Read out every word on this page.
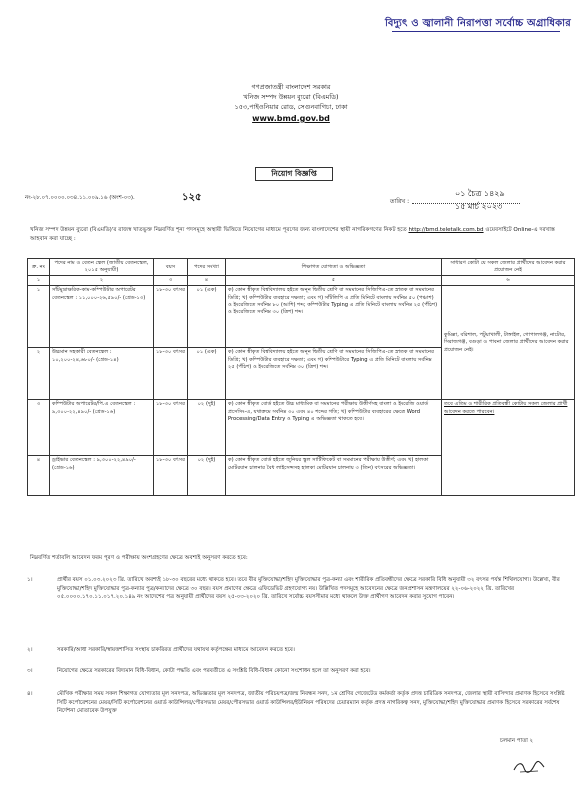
বিদ্যুৎ ও জ্বালানী নিরাপত্তা সর্বোচ্চ অগ্রাধিকার
গণপ্রজাতন্ত্রী বাংলাদেশ সরকার
খনিজ সম্পদ উন্নয়ন ব্যুরো (বিএমডি)
১৫৩,পাইওনিয়ার রোড, সেগুনবাগিচা, ঢাকা
www.bmd.gov.bd
নিয়োগ বিজ্ঞপ্তি
নং-২৮.০৭.০০০০.০৩৪.১১.০০৯.১৬ (অংশ-০৩).	১২৫	তারিখ :
০১ চৈত্র ১৪২৯
১৫ মার্চ ২০২৩
খনিজ সম্পদ উন্নয়ন ব্যুরো (বিএমডি)'র রাজস্ব খাতভুক্ত নিম্নবর্ণিত শূন্য পদসমূহে অস্থায়ী ভিত্তিতে নিয়োগের মাধ্যমে পূরণের জন্য বাংলাদেশের স্থায়ী নাগরিকগণের নিকট হতে http://bmd.teletalk.com.bd ওয়েবসাইটে Online-এ দরখাস্ত আহবান করা যাচ্ছে :
ক্র. নং	পদের নাম ও বেতন স্কেল (জাতীয় বেতনস্কেল, ২০১৫ অনুযায়ী)	বয়স	পদের সংখ্যা	শিক্ষাগত যোগ্যতা ও অভিজ্ঞতা	সাধারণ কোটা যে সকল জেলার প্রার্থীদের আবেদন করার প্রয়োজন নেই
১	২	৩	৪	৫	৬
১	সাঁটমুদ্রাক্ষরিক-কাম-কম্পিউটার অপারেটর বেতনস্কেল : ১১,০০০-২৬,৫৯০/- (গ্রেড-১৩)	১৮-৩০ বৎসর	০১ (এক)	ক) কোন স্বীকৃত বিশ্ববিদ্যালয় হইতে অনূন দ্বিতীয় শ্রেণি বা সমমানের সিজিপিএ-তে স্নাতক বা সমমানের ডিগ্রি; খ) কম্পিউটার ব্যবহারে দক্ষতা; এবং গ) সাঁটলিপি এ প্রতি মিনিটে বাংলায় সর্বনিম্ন ৫০ (পঞ্চাশ) ও ইংরেজিতে সর্বনিম্ন ৮০ (আশি) শব্দ; কম্পিউটার Typing এ প্রতি মিনিটে বাংলায় সর্বনিম্ন ২৫ (পঁচিশ) ও ইংরেজিতে সর্বনিম্ন ৩০ (ত্রিশ) শব্দ।	কুমিল্লা, বরিশাল, পটুয়াখালী, টাঙ্গাইল, গোপালগঞ্জ, নাটোর, সিরাজগঞ্জ, বগুড়া ও পাবনা জেলার প্রার্থীদের আবেদন করার প্রয়োজন নেই।
২	উচ্চমান সহকারী বেতনস্কেল : ১০,২০০-২৪,৬৮০/- (গ্রেড-১৪)	১৮-৩০ বৎসর	০১ (এক)	ক) কোন স্বীকৃত বিশ্ববিদ্যালয় হইতে অনূন দ্বিতীয় শ্রেণি বা সমমানের সিজিপিএ-তে স্নাতক বা সমমানের ডিগ্রি; খ) কম্পিউটার ব্যবহারে দক্ষতা; এবং গ) কম্পিউটারে Typing এ প্রতি মিনিটে বাংলায় সর্বনিম্ন ২৫ (পঁচিশ) ও ইংরেজিতে সর্বনিম্ন ৩০ (ত্রিশ) শব্দ।	
৩	কম্পিউটার অপারেটর/পি.এ বেতনস্কেল : ৯,৩০০-২২,৪৯০/- (গ্রেড-১৬)	১৮-৩০ বৎসর	০২ (দুই)	ক) কোন স্বীকৃত বোর্ড হইতে উচ্চ মাধ্যমিক বা সমমানের পরীক্ষায় উত্তীর্ণসহ বাংলা ও ইংরেজি ওয়ার্ড প্রসেসিং-এ, যথাক্রমে সর্বনিম্ন ৩০ এবং ৪০ শব্দের গতি; খ) কম্পিউটার ব্যবহারের ক্ষেত্রে Word Processing/Data Entry ও Typing এ অভিজ্ঞতা থাকতে হবে।	তবে এতিম ও শারীরিক প্রতিবন্ধী কোটায় সকল জেলার প্রার্থী আবেদন করতে পারবেন।
৪	ড্রাইভার বেতনস্কেল : ৯,৩০০-২২,৪৯০/- (গ্রেড-১৬)	১৮-৩০ বৎসর	০২ (দুই)	ক) কোন স্বীকৃত বোর্ড হইতে জুনিয়র স্কুল সার্টিফিকেট বা সমমানের পরীক্ষায় উত্তীর্ণ; এবং খ) হালকা মোটরযান চালনার বৈধ লাইসেন্সসহ হালকা মোটরযান চালনায় ৩ (তিন) বৎসরের অভিজ্ঞতা।	
নিম্নবর্ণিত শর্তাবলি আবেদন ফরম পূরণ ও পরীক্ষায় অংশগ্রহণের ক্ষেত্রে অবশ্যই অনুসরণ করতে হবে:
১।	প্রার্থীর বয়স ০১.০৩.২০২৩ খ্রি. তারিখে অবশ্যই ১৮-৩০ বছরের মধ্যে থাকতে হবে। তবে বীর মুক্তিযোদ্ধা/শহিদ মুক্তিযোদ্ধার পুত্র-কন্যা এবং শারীরিক প্রতিবন্ধীদের ক্ষেত্রে সরকারি বিধি অনুযায়ী ৩২ বৎসর পর্যন্ত শিথিলযোগ্য। উল্লেখ্য, বীর মুক্তিযোদ্ধা/শহিদ মুক্তিযোদ্ধার পুত্র-কন্যার পুত্র/কন্যাদের ক্ষেত্রে ৩০ বছর। বয়স প্রমাণের ক্ষেত্রে এফিডেভিট গ্রহণযোগ্য নয়। উল্লিখিত পদসমূহে আবেদনের ক্ষেত্রে জনপ্রশাসন মন্ত্রণালয়ের ২২-০৬-২০২২ খ্রি. তারিখের ০৫.০০০০.১৭০.১১.০১৭.২০.১৪৯ নং আদেশের পত্র অনুযায়ী প্রার্থীদের বয়স ২৫-০৩-২০২০ খ্রি. তারিখে সর্বোচ্চ বয়সসীমার মধ্যে থাকলে উক্ত প্রার্থীগণ আবেদন করার সুযোগ পাবেন।
২।	সরকারি/আধা সরকারি/স্বায়ত্তশাসিত সংস্থায় চাকরিরত প্রার্থীদের যথাযথ কর্তৃপক্ষের মাধ্যমে আবেদন করতে হবে।
৩।	নিয়োগের ক্ষেত্রে সরকারের বিদ্যমান বিধি-বিধান, কোটা পদ্ধতি এবং পরবর্তীতে এ সংশ্লিষ্ট বিধি-বিধান কোনো সংশোধন হলে তা অনুসরণ করা হবে।
৪।	মৌখিক পরীক্ষার সময় সকল শিক্ষাগত যোগ্যতার মূল সনদপত্র, অভিজ্ঞতার মূল সনদপত্র, জাতীয় পরিচয়পত্র/জন্ম নিবন্ধন সনদ, ১ম শ্রেণির গেজেটেড কর্মকর্তা কর্তৃক প্রদত্ত চারিত্রিক সনদপত্র, জেলার স্থায়ী বাসিন্দার প্রমাণক হিসেবে সংশ্লিষ্ট সিটি কর্পোরেশনের মেয়র/সিটি কর্পোরেশনের ওয়ার্ড কাউন্সিলর/পৌরসভার মেয়র/পৌরসভার ওয়ার্ড কাউন্সিলর/ইউনিয়ন পরিষদের চেয়ারম্যান কর্তৃক প্রদত্ত নাগরিকত্ব সনদ, মুক্তিযোদ্ধা/শহিদ মুক্তিযোদ্ধার প্রমাণক হিসেবে সরকারের সর্বশেষ নির্দেশনা মোতাবেক উপযুক্ত
চলমান পাতা ২
